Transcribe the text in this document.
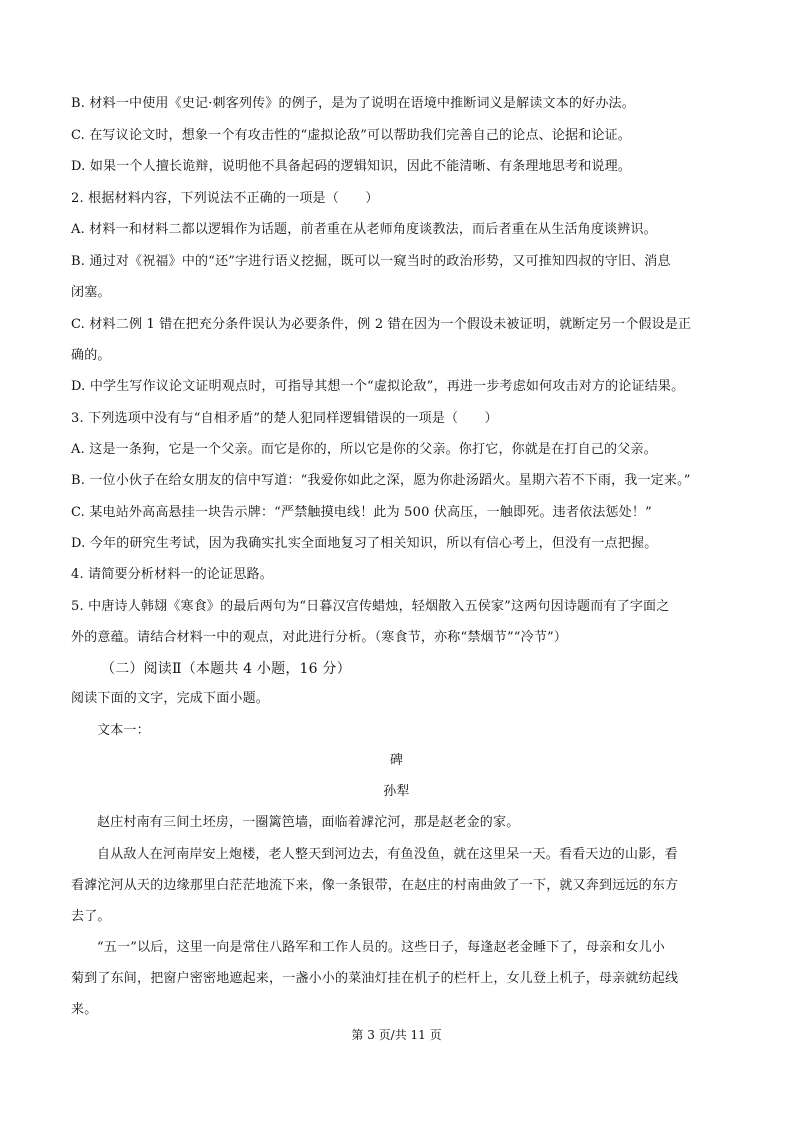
B. 材料一中使用《史记·刺客列传》的例子，是为了说明在语境中推断词义是解读文本的好办法。
C. 在写议论文时，想象一个有攻击性的“虚拟论敌”可以帮助我们完善自己的论点、论据和论证。
D. 如果一个人擅长诡辩，说明他不具备起码的逻辑知识，因此不能清晰、有条理地思考和说理。
2. 根据材料内容，下列说法不正确的一项是（　　）
A. 材料一和材料二都以逻辑作为话题，前者重在从老师角度谈教法，而后者重在从生活角度谈辨识。
B. 通过对《祝福》中的“还”字进行语义挖掘，既可以一窥当时的政治形势，又可推知四叔的守旧、消息
闭塞。
C. 材料二例 1 错在把充分条件误认为必要条件，例 2 错在因为一个假设未被证明，就断定另一个假设是正
确的。
D. 中学生写作议论文证明观点时，可指导其想一个“虚拟论敌”，再进一步考虑如何攻击对方的论证结果。
3. 下列选项中没有与“自相矛盾”的楚人犯同样逻辑错误的一项是（　　）
A. 这是一条狗，它是一个父亲。而它是你的，所以它是你的父亲。你打它，你就是在打自己的父亲。
B. 一位小伙子在给女朋友的信中写道：“我爱你如此之深，愿为你赴汤蹈火。星期六若不下雨，我一定来。”
C. 某电站外高高悬挂一块告示牌：“严禁触摸电线！此为 500 伏高压，一触即死。违者依法惩处！”
D. 今年的研究生考试，因为我确实扎实全面地复习了相关知识，所以有信心考上，但没有一点把握。
4. 请简要分析材料一的论证思路。
5. 中唐诗人韩翃《寒食》的最后两句为“日暮汉宫传蜡烛，轻烟散入五侯家”这两句因诗题而有了字面之
外的意蕴。请结合材料一中的观点，对此进行分析。（寒食节，亦称“禁烟节”“冷节”）
（二）阅读Ⅱ（本题共 4 小题，16 分）
阅读下面的文字，完成下面小题。
文本一：
碑
孙犁
赵庄村南有三间土坯房，一圈篱笆墙，面临着滹沱河，那是赵老金的家。
自从敌人在河南岸安上炮楼，老人整天到河边去，有鱼没鱼，就在这里呆一天。看看天边的山影，看
看滹沱河从天的边缘那里白茫茫地流下来，像一条银带，在赵庄的村南曲敛了一下，就又奔到远远的东方
去了。
“五一”以后，这里一向是常住八路军和工作人员的。这些日子，每逢赵老金睡下了，母亲和女儿小
菊到了东间，把窗户密密地遮起来，一盏小小的菜油灯挂在机子的栏杆上，女儿登上机子，母亲就纺起线
来。
第 3 页/共 11 页
